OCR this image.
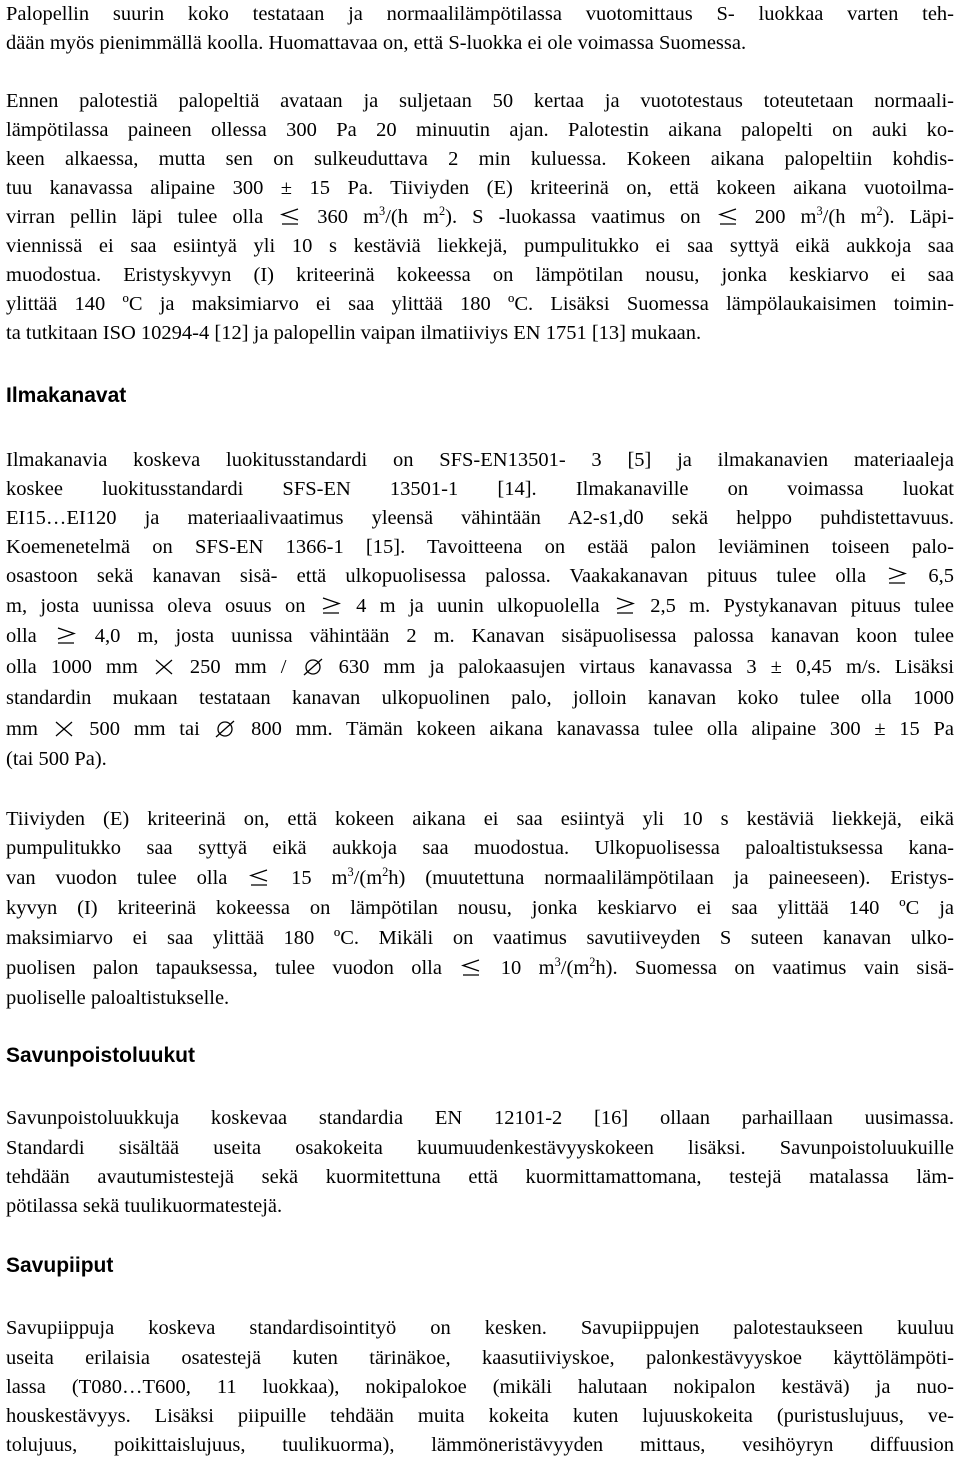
Palopellin suurin koko testataan ja normaalilämpötilassa vuotomittaus S- luokkaa varten teh-
dään myös pienimmällä koolla. Huomattavaa on, että S-luokka ei ole voimassa Suomessa.
Ennen palotestiä palopeltiä avataan ja suljetaan 50 kertaa ja vuototestaus toteutetaan normaali-
lämpötilassa paineen ollessa 300 Pa 20 minuutin ajan. Palotestin aikana palopelti on auki ko-
keen alkaessa, mutta sen on sulkeuduttava 2 min kuluessa. Kokeen aikana palopeltiin kohdis-
tuu kanavassa alipaine 300 ± 15 Pa. Tiiviyden (E) kriteerinä on, että kokeen aikana vuotoilma-
virran pellin läpi tulee olla  360 $m^3/(h$ $m^2$). S -luokassa vaatimus on  200 $m^3/(h$ $m^2$). Läpi-
viennissä ei saa esiintyä yli 10 s kestäviä liekkejä, pumpulitukko ei saa syttyä eikä aukkoja saa
muodostua. Eristyskyvyn (I) kriteerinä kokeessa on lämpötilan nousu, jonka keskiarvo ei saa
ylittää 140 ºC ja maksimiarvo ei saa ylittää 180 ºC. Lisäksi Suomessa lämpölaukaisimen toimin-
ta tutkitaan ISO 10294-4 [12] ja palopellin vaipan ilmatiiviys EN 1751 [13] mukaan.
Ilmakanavat
Ilmakanavia koskeva luokitusstandardi on SFS-EN13501- 3 [5] ja ilmakanavien materiaaleja
koskee luokitusstandardi SFS-EN 13501-1 [14]. Ilmakanaville on voimassa luokat
EI15…EI120 ja materiaalivaatimus yleensä vähintään A2-s1,d0 sekä helppo puhdistettavuus.
Koemenetelmä on SFS-EN 1366-1 [15]. Tavoitteena on estää palon leviäminen toiseen palo-
osastoon sekä kanavan sisä- että ulkopuolisessa palossa. Vaakakanavan pituus tulee olla  6,5
m, josta uunissa oleva osuus on  4 m ja uunin ulkopuolella  2,5 m. Pystykanavan pituus tulee
olla  4,0 m, josta uunissa vähintään 2 m. Kanavan sisäpuolisessa palossa kanavan koon tulee
olla 1000 mm  250 mm /  630 mm ja palokaasujen virtaus kanavassa 3 ± 0,45 m/s. Lisäksi
standardin mukaan testataan kanavan ulkopuolinen palo, jolloin kanavan koko tulee olla 1000
mm  500 mm tai  800 mm. Tämän kokeen aikana kanavassa tulee olla alipaine 300 ± 15 Pa
(tai 500 Pa).
Tiiviyden (E) kriteerinä on, että kokeen aikana ei saa esiintyä yli 10 s kestäviä liekkejä, eikä
pumpulitukko saa syttyä eikä aukkoja saa muodostua. Ulkopuolisessa paloaltistuksessa kana-
van vuodon tulee olla  15 $m^3/(m^2h)$ (muutettuna normaalilämpötilaan ja paineeseen). Eristys-
kyvyn (I) kriteerinä kokeessa on lämpötilan nousu, jonka keskiarvo ei saa ylittää 140 ºC ja
maksimiarvo ei saa ylittää 180 ºC. Mikäli on vaatimus savutiiveyden S suteen kanavan ulko-
puolisen palon tapauksessa, tulee vuodon olla  10 $m^3/(m^2h)$. Suomessa on vaatimus vain sisä-
puoliselle paloaltistukselle.
Savunpoistoluukut
Savunpoistoluukkuja koskevaa standardia EN 12101-2 [16] ollaan parhaillaan uusimassa.
Standardi sisältää useita osakokeita kuumuudenkestävyyskokeen lisäksi. Savunpoistoluukuille
tehdään avautumistestejä sekä kuormitettuna että kuormittamattomana, testejä matalassa läm-
pötilassa sekä tuulikuormatestejä.
Savupiiput
Savupiippuja koskeva standardisointityö on kesken. Savupiippujen palotestaukseen kuuluu
useita erilaisia osatestejä kuten tärinäkoe, kaasutiiviyskoe, palonkestävyyskoe käyttölämpöti-
lassa (T080…T600, 11 luokkaa), nokipalokoe (mikäli halutaan nokipalon kestävä) ja nuo-
houskestävyys. Lisäksi piipuille tehdään muita kokeita kuten lujuuskokeita (puristuslujuus, ve-
tolujuus, poikittaislujuus, tuulikuorma), lämmöneristävyyden mittaus, vesihöyryn diffuusion
